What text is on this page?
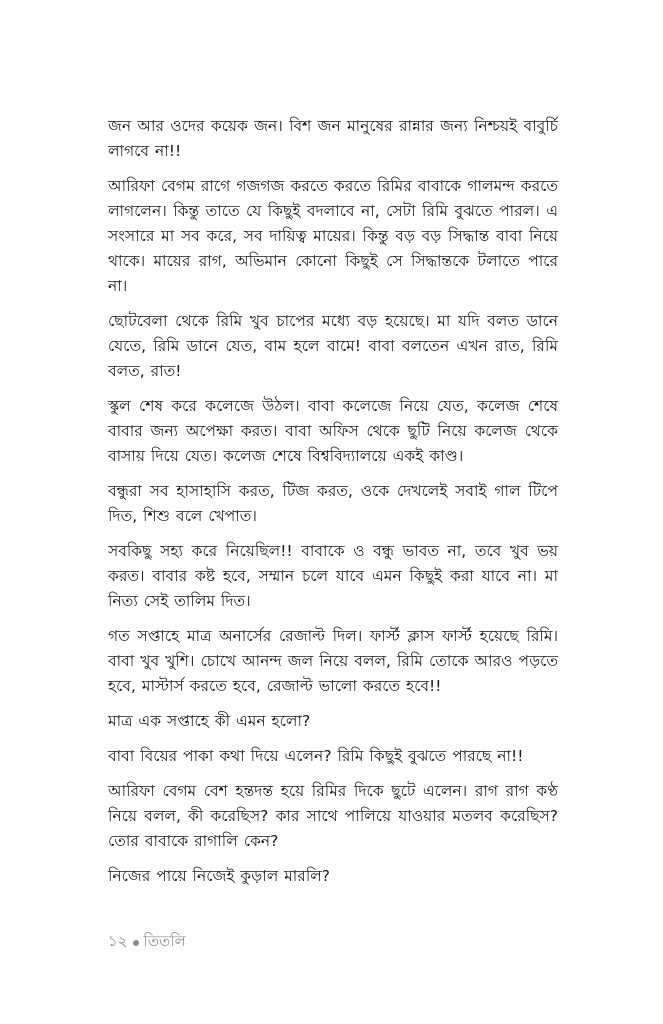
জন আর ওদের কয়েক জন। বিশ জন মানুষের রান্নার জন্য নিশ্চয়ই বাবুর্চি লাগবে না!!

আরিফা বেগম রাগে গজগজ করতে করতে রিমির বাবাকে গালমন্দ করতে লাগলেন। কিন্তু তাতে যে কিছুই বদলাবে না, সেটা রিমি বুঝতে পারল। এ সংসারে মা সব করে, সব দায়িত্ব মায়ের। কিন্তু বড় বড় সিদ্ধান্ত বাবা নিয়ে থাকে। মায়ের রাগ, অভিমান কোনো কিছুই সে সিদ্ধান্তকে টলাতে পারে না।

ছোটবেলা থেকে রিমি খুব চাপের মধ্যে বড় হয়েছে। মা যদি বলত ডানে যেতে, রিমি ডানে যেত, বাম হলে বামে! বাবা বলতেন এখন রাত, রিমি বলত, রাত!

স্কুল শেষ করে কলেজে উঠল। বাবা কলেজে নিয়ে যেত, কলেজ শেষে বাবার জন্য অপেক্ষা করত। বাবা অফিস থেকে ছুটি নিয়ে কলেজ থেকে বাসায় দিয়ে যেত। কলেজ শেষে বিশ্ববিদ্যালয়ে একই কাণ্ড।

বন্ধুরা সব হাসাহাসি করত, টিজ করত, ওকে দেখলেই সবাই গাল টিপে দিত, শিশু বলে খেপাত।

সবকিছু সহ্য করে নিয়েছিল!! বাবাকে ও বন্ধু ভাবত না, তবে খুব ভয় করত। বাবার কষ্ট হবে, সম্মান চলে যাবে এমন কিছুই করা যাবে না। মা নিত্য সেই তালিম দিত।

গত সপ্তাহে মাত্র অনার্সের রেজাল্ট দিল। ফার্স্ট ক্লাস ফার্স্ট হয়েছে রিমি। বাবা খুব খুশি। চোখে আনন্দ জল নিয়ে বলল, রিমি তোকে আরও পড়তে হবে, মাস্টার্স করতে হবে, রেজাল্ট ভালো করতে হবে!!

মাত্র এক সপ্তাহে কী এমন হলো?

বাবা বিয়ের পাকা কথা দিয়ে এলেন? রিমি কিছুই বুঝতে পারছে না!!

আরিফা বেগম বেশ হন্তদন্ত হয়ে রিমির দিকে ছুটে এলেন। রাগ রাগ কণ্ঠ নিয়ে বলল, কী করেছিস? কার সাথে পালিয়ে যাওয়ার মতলব করেছিস? তোর বাবাকে রাগালি কেন?

নিজের পায়ে নিজেই কুড়াল মারলি?

১২ তিতলি
